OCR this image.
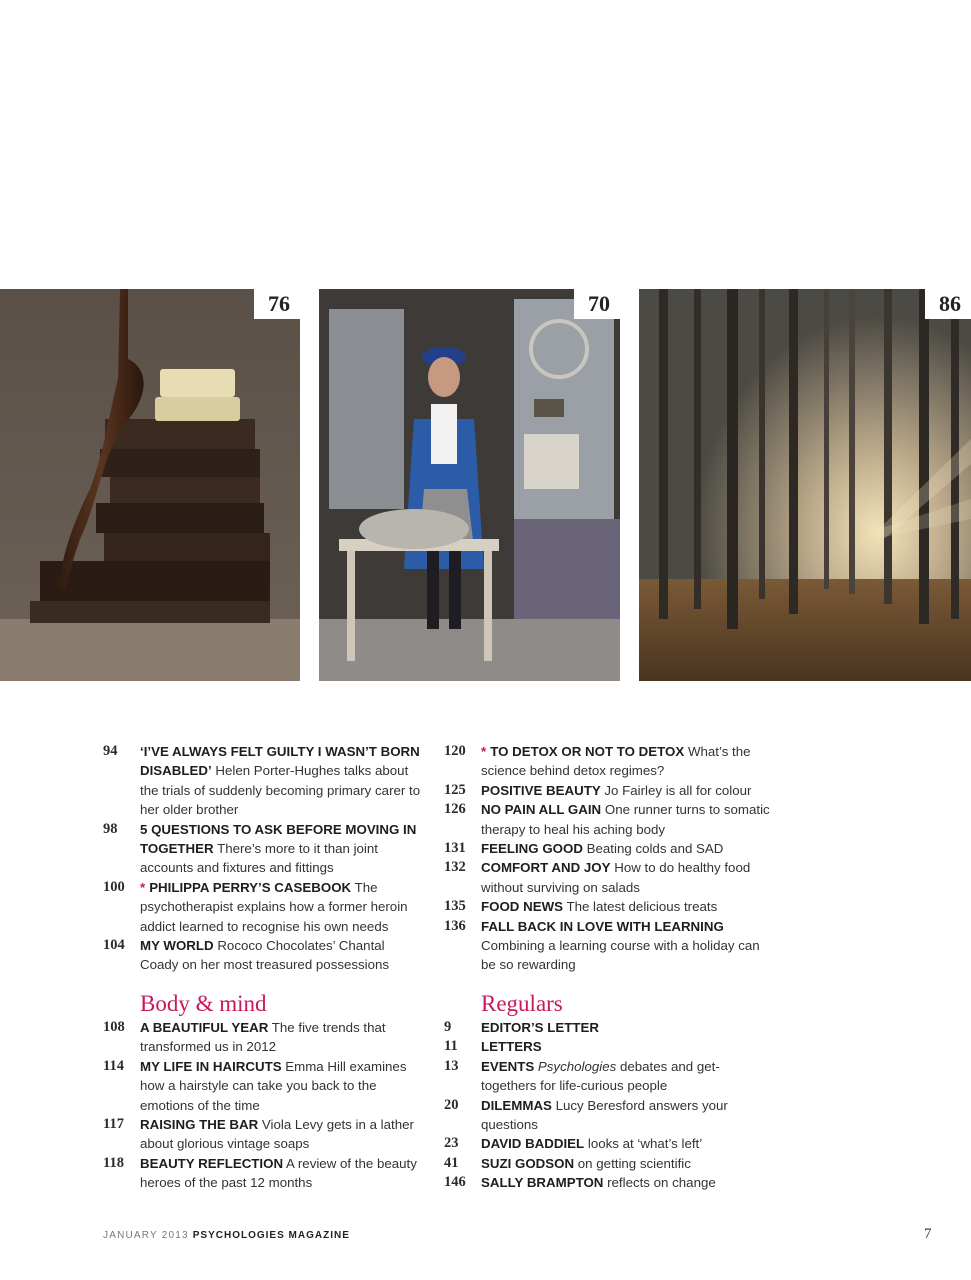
76	70	86
94 ‘I’VE ALWAYS FELT GUILTY I WASN’T BORN DISABLED’ Helen Porter-Hughes talks about the trials of suddenly becoming primary carer to her older brother
98 5 QUESTIONS TO ASK BEFORE MOVING IN TOGETHER There’s more to it than joint accounts and fixtures and fittings
100 * PHILIPPA PERRY’S CASEBOOK The psychotherapist explains how a former heroin addict learned to recognise his own needs
104 MY WORLD Rococo Chocolates’ Chantal Coady on her most treasured possessions
Body & mind
108 A BEAUTIFUL YEAR The five trends that transformed us in 2012
114 MY LIFE IN HAIRCUTS Emma Hill examines how a hairstyle can take you back to the emotions of the time
117 RAISING THE BAR Viola Levy gets in a lather about glorious vintage soaps
118 BEAUTY REFLECTION A review of the beauty heroes of the past 12 months
120 * TO DETOX OR NOT TO DETOX What’s the science behind detox regimes?
125 POSITIVE BEAUTY Jo Fairley is all for colour
126 NO PAIN ALL GAIN One runner turns to somatic therapy to heal his aching body
131 FEELING GOOD Beating colds and SAD
132 COMFORT AND JOY How to do healthy food without surviving on salads
135 FOOD NEWS The latest delicious treats
136 FALL BACK IN LOVE WITH LEARNING Combining a learning course with a holiday can be so rewarding
Regulars
9 EDITOR’S LETTER
11 LETTERS
13 EVENTS Psychologies debates and get-togethers for life-curious people
20 DILEMMAS Lucy Beresford answers your questions
23 DAVID BADDIEL looks at ‘what’s left’
41 SUZI GODSON on getting scientific
146 SALLY BRAMPTON reflects on change
JANUARY 2013 PSYCHOLOGIES MAGAZINE	7
